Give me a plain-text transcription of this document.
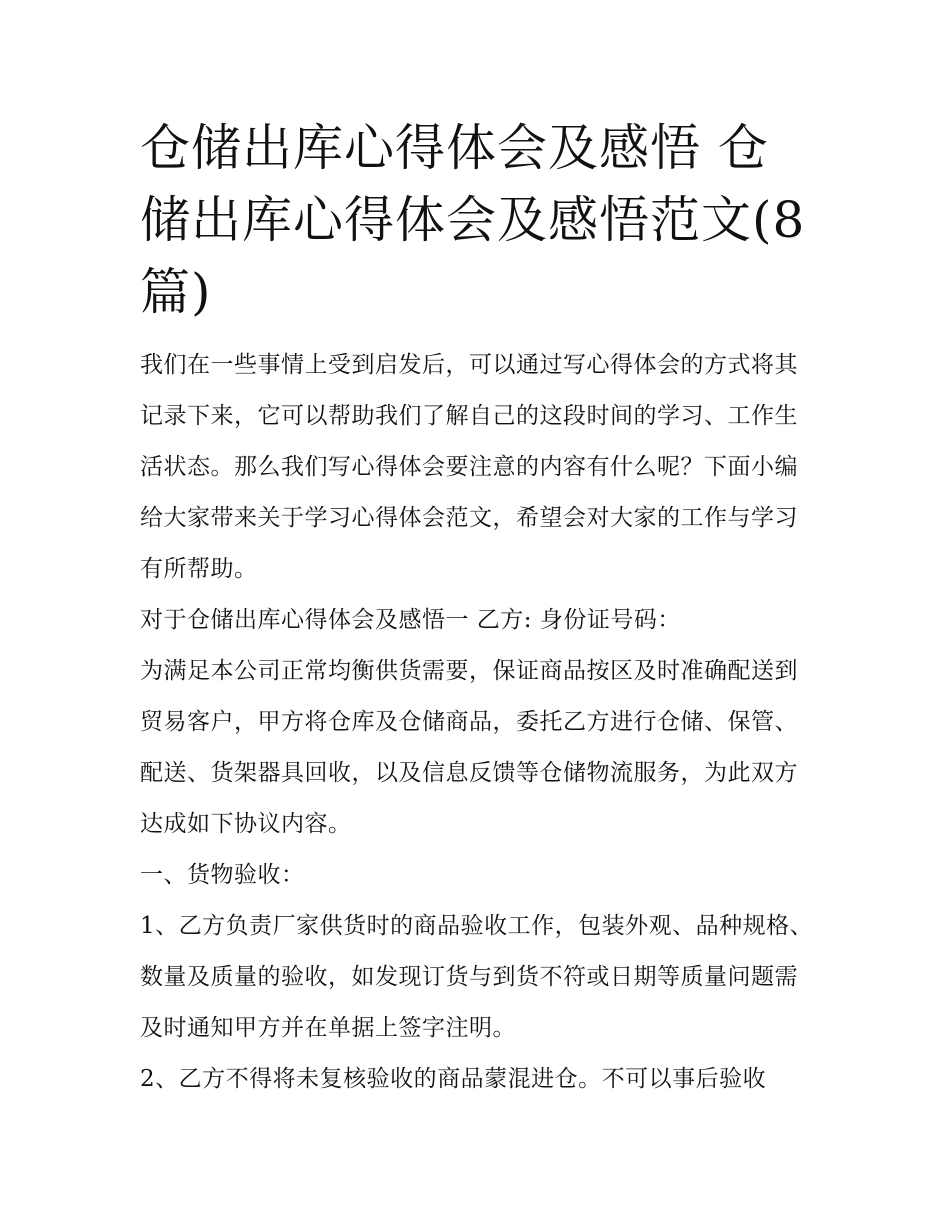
仓储出库心得体会及感悟 仓储出库心得体会及感悟范文(8篇)

我们在一些事情上受到启发后，可以通过写心得体会的方式将其记录下来，它可以帮助我们了解自己的这段时间的学习、工作生活状态。那么我们写心得体会要注意的内容有什么呢？下面小编给大家带来关于学习心得体会范文，希望会对大家的工作与学习有所帮助。

对于仓储出库心得体会及感悟一 乙方: 身份证号码：

为满足本公司正常均衡供货需要，保证商品按区及时准确配送到贸易客户，甲方将仓库及仓储商品，委托乙方进行仓储、保管、配送、货架器具回收，以及信息反馈等仓储物流服务，为此双方达成如下协议内容。

一、货物验收：

1、乙方负责厂家供货时的商品验收工作，包装外观、品种规格、数量及质量的验收，如发现订货与到货不符或日期等质量问题需及时通知甲方并在单据上签字注明。

2、乙方不得将未复核验收的商品蒙混进仓。不可以事后验收
